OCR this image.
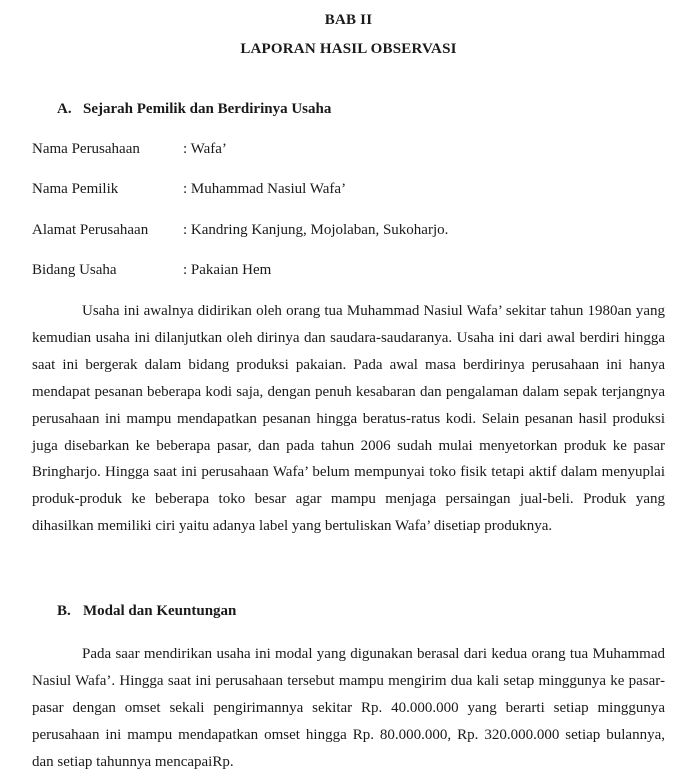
BAB II
LAPORAN HASIL OBSERVASI
A. Sejarah Pemilik dan Berdirinya Usaha
Nama Perusahaan	: Wafa’
Nama Pemilik	: Muhammad Nasiul Wafa’
Alamat Perusahaan : Kandring Kanjung, Mojolaban, Sukoharjo.
Bidang Usaha	: Pakaian Hem

Usaha ini awalnya didirikan oleh orang tua Muhammad Nasiul Wafa’ sekitar tahun 1980an yang kemudian usaha ini dilanjutkan oleh dirinya dan saudara-saudaranya. Usaha ini dari awal berdiri hingga saat ini bergerak dalam bidang produksi pakaian. Pada awal masa berdirinya perusahaan ini hanya mendapat pesanan beberapa kodi saja, dengan penuh kesabaran dan pengalaman dalam sepak terjangnya perusahaan ini mampu mendapatkan pesanan hingga beratus-ratus kodi. Selain pesanan hasil produksi juga disebarkan ke beberapa pasar, dan pada tahun 2006 sudah mulai menyetorkan produk ke pasar Bringharjo. Hingga saat ini perusahaan Wafa’ belum mempunyai toko fisik tetapi aktif dalam menyuplai produk-produk ke beberapa toko besar agar mampu menjaga persaingan jual-beli. Produk yang dihasilkan memiliki ciri yaitu adanya label yang bertuliskan Wafa’ disetiap produknya.

B. Modal dan Keuntungan

Pada saar mendirikan usaha ini modal yang digunakan berasal dari kedua orang tua Muhammad Nasiul Wafa’. Hingga saat ini perusahaan tersebut mampu mengirim dua kali setap minggunya ke pasar-pasar dengan omset sekali pengirimannya sekitar Rp. 40.000.000 yang berarti setiap minggunya perusahaan ini mampu mendapatkan omset hingga Rp. 80.000.000, Rp. 320.000.000 setiap bulannya, dan setiap tahunnya mencapaiRp.
